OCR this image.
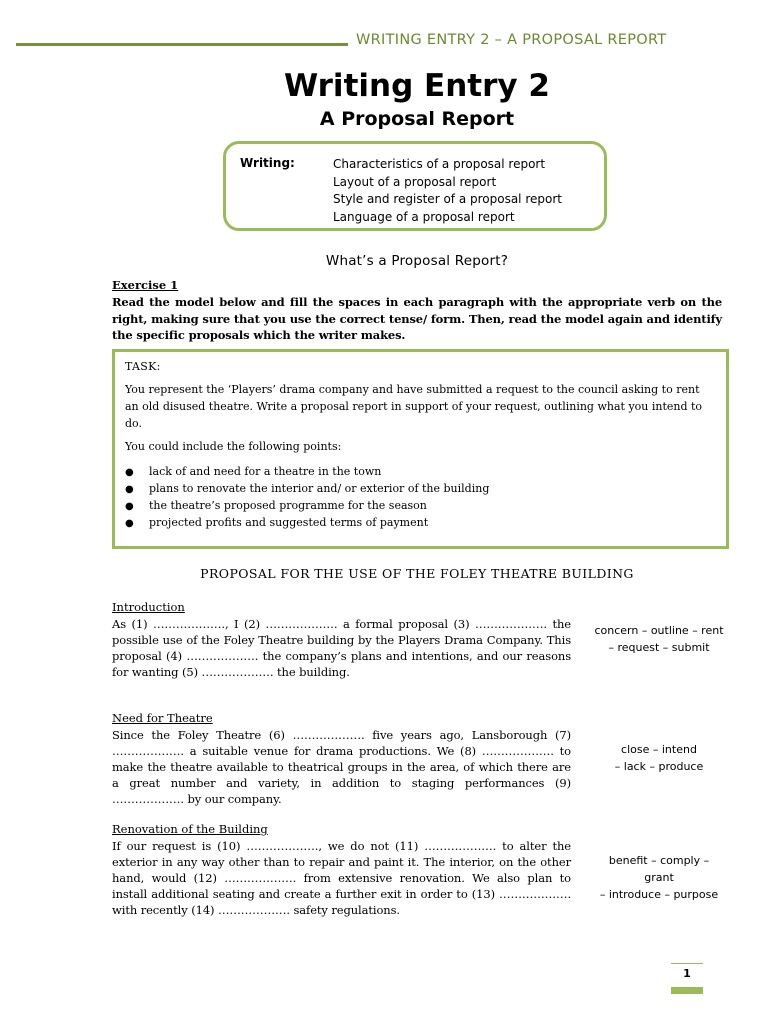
WRITING ENTRY 2 – A PROPOSAL REPORT
Writing Entry 2
A Proposal Report
Writing:	Characteristics of a proposal report
Layout of a proposal report
Style and register of a proposal report
Language of a proposal report
What’s a Proposal Report?
Exercise 1
Read the model below and fill the spaces in each paragraph with the appropriate verb on the right, making sure that you use the correct tense/ form. Then, read the model again and identify the specific proposals which the writer makes.
TASK:
You represent the ‘Players’ drama company and have submitted a request to the council asking to rent an old disused theatre. Write a proposal report in support of your request, outlining what you intend to do.
You could include the following points:
● lack of and need for a theatre in the town
● plans to renovate the interior and/ or exterior of the building
● the theatre’s proposed programme for the season
● projected profits and suggested terms of payment
PROPOSAL FOR THE USE OF THE FOLEY THEATRE BUILDING
Introduction
As (1) ………………., I (2) ………………. a formal proposal (3) ………………. the possible use of the Foley Theatre building by the Players Drama Company. This proposal (4) ………………. the company’s plans and intentions, and our reasons for wanting (5) ………………. the building.
concern – outline – rent
– request – submit
Need for Theatre
Since the Foley Theatre (6) ………………. five years ago, Lansborough (7) ………………. a suitable venue for drama productions. We (8) ………………. to make the theatre available to theatrical groups in the area, of which there are a great number and variety, in addition to staging performances (9) ………………. by our company.
close – intend
– lack – produce
Renovation of the Building
If our request is (10) ………………., we do not (11) ………………. to alter the exterior in any way other than to repair and paint it. The interior, on the other hand, would (12) ………………. from extensive renovation. We also plan to install additional seating and create a further exit in order to (13) ………………. with recently (14) ………………. safety regulations.
benefit – comply –
grant
– introduce – purpose
1
